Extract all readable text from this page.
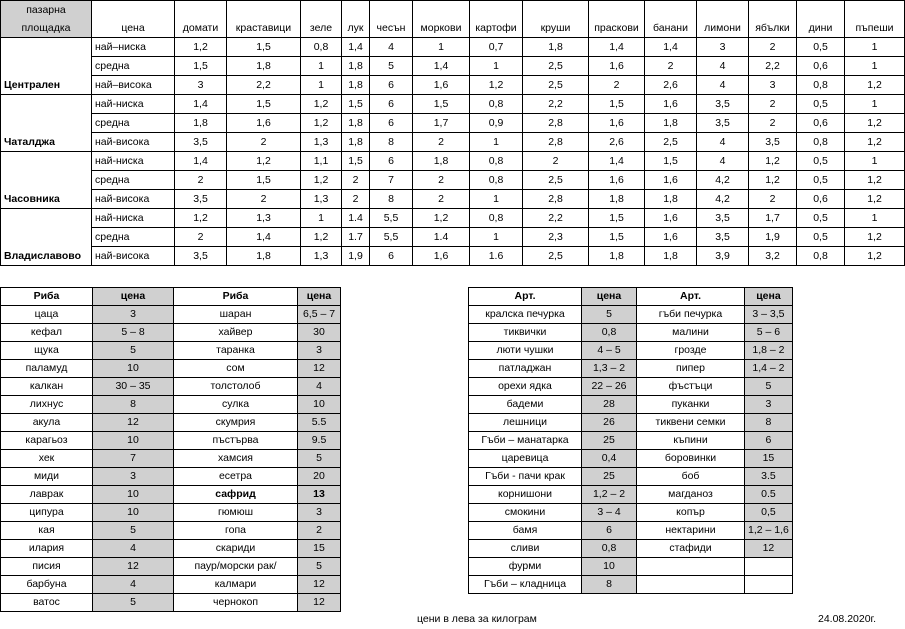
пазарна															
площадка	цена	домати	краставици	зеле	лук	чесън	моркови	картофи	круши	праскови	банани	лимони	ябълки	дини	пъпеши
Централен	най–ниска	1,2	1,5	0,8	1,4	4	1	0,7	1,8	1,4	1,4	3	2	0,5	1
	средна	1,5	1,8	1	1,8	5	1,4	1	2,5	1,6	2	4	2,2	0,6	1
	най–висока	3	2,2	1	1,8	6	1,6	1,2	2,5	2	2,6	4	3	0,8	1,2
Чаталджа	най-ниска	1,4	1,5	1,2	1,5	6	1,5	0,8	2,2	1,5	1,6	3,5	2	0,5	1
	средна	1,8	1,6	1,2	1,8	6	1,7	0,9	2,8	1,6	1,8	3,5	2	0,6	1,2
	най-висока	3,5	2	1,3	1,8	8	2	1	2,8	2,6	2,5	4	3,5	0,8	1,2
Часовника	най-ниска	1,4	1,2	1,1	1,5	6	1,8	0,8	2	1,4	1,5	4	1,2	0,5	1
	средна	2	1,5	1,2	2	7	2	0,8	2,5	1,6	1,6	4,2	1,2	0,5	1,2
	най-висока	3,5	2	1,3	2	8	2	1	2,8	1,8	1,8	4,2	2	0,6	1,2
Владиславово	най-ниска	1,2	1,3	1	1.4	5,5	1,2	0,8	2,2	1,5	1,6	3,5	1,7	0,5	1
	средна	2	1,4	1,2	1.7	5,5	1.4	1	2,3	1,5	1,6	3,5	1,9	0,5	1,2
	най-висока	3,5	1,8	1,3	1,9	6	1,6	1.6	2,5	1,8	1,8	3,9	3,2	0,8	1,2
Риба	цена	Риба	цена
цаца	3	шаран	6,5 – 7
кефал	5 – 8	хайвер	30
щука	5	таранка	3
паламуд	10	сом	12
калкан	30 – 35	толстолоб	4
лихнус	8	сулка	10
акула	12	скумрия	5.5
карагьоз	10	пъстърва	9.5
хек	7	хамсия	5
миди	3	есетра	20
лаврак	10	сафрид	13
ципура	10	гюмюш	3
кая	5	гопа	2
илария	4	скариди	15
писия	12	паур/морски рак/	5
барбуна	4	калмари	12
ватос	5	чернокоп	12
Арт.	цена	Арт.	цена
кралска печурка	5	гъби печурка	3 – 3,5
тиквички	0,8	малини	5 – 6
люти чушки	4 – 5	грозде	1,8 – 2
патладжан	1,3 – 2	пипер	1,4 – 2
орехи ядка	22 – 26	фъстъци	5
бадеми	28	пуканки	3
лешници	26	тиквени семки	8
Гъби – манатарка	25	къпини	6
царевица	0,4	боровинки	15
Гъби - пачи крак	25	боб	3.5
корнишони	1,2 – 2	магданоз	0.5
смокини	3 – 4	копър	0,5
бамя	6	нектарини	1,2 – 1,6
сливи	0,8	стафиди	12
фурми	10		
Гъби – кладница	8		
цени в лева за килограм	24.08.2020г.
